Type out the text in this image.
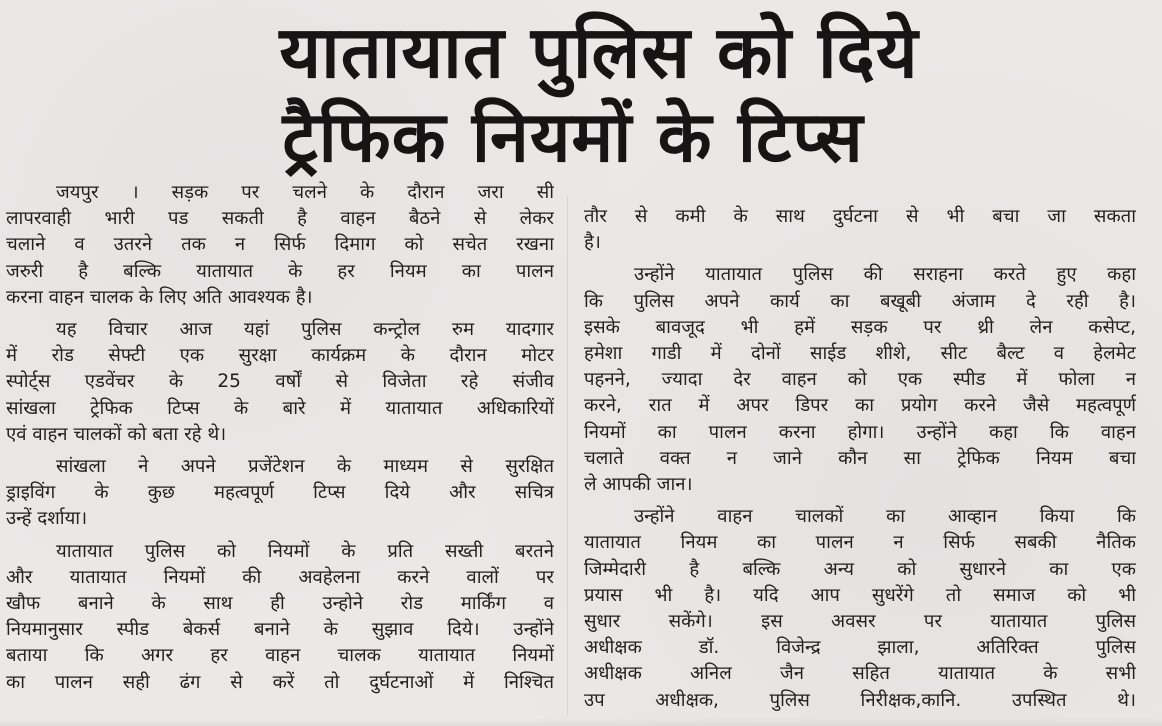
यातायात पुलिस को दिये
ट्रैफिक नियमों के टिप्स
जयपुर । सड़क पर चलने के दौरान जरा सी
लापरवाही भारी पड सकती है वाहन बैठने से लेकर
चलाने व उतरने तक न सिर्फ दिमाग को सचेत रखना
जरुरी है बल्कि यातायात के हर नियम का पालन
करना वाहन चालक के लिए अति आवश्यक है।
यह विचार आज यहां पुलिस कन्ट्रोल रुम यादगार
में रोड सेफ्टी एक सुरक्षा कार्यक्रम के दौरान मोटर
स्पोर्ट्स एडवेंचर के 25 वर्षों से विजेता रहे संजीव
सांखला ट्रेफिक टिप्स के बारे में यातायात अधिकारियों
एवं वाहन चालकों को बता रहे थे।
सांखला ने अपने प्रजेंटेशन के माध्यम से सुरक्षित
ड्राइविंग के कुछ महत्वपूर्ण टिप्स दिये और सचित्र
उन्हें दर्शाया।
यातायात पुलिस को नियमों के प्रति सख्ती बरतने
और यातायात नियमों की अवहेलना करने वालों पर
खौफ बनाने के साथ ही उन्होने रोड मार्किंग व
नियमानुसार स्पीड बेकर्स बनाने के सुझाव दिये। उन्होंने
बताया कि अगर हर वाहन चालक यातायात नियमों
का पालन सही ढंग से करें तो दुर्घटनाओं में निश्चित
तौर से कमी के साथ दुर्घटना से भी बचा जा सकता
है।
उन्होंने यातायात पुलिस की सराहना करते हुए कहा
कि पुलिस अपने कार्य का बखूबी अंजाम दे रही है।
इसके बावजूद भी हमें सड़क पर थ्री लेन कसेप्ट,
हमेशा गाडी में दोनों साईड शीशे, सीट बैल्ट व हेलमेट
पहनने, ज्यादा देर वाहन को एक स्पीड में फोला न
करने, रात में अपर डिपर का प्रयोग करने जैसे महत्वपूर्ण
नियमों का पालन करना होगा। उन्होंने कहा कि वाहन
चलाते वक्त न जाने कौन सा ट्रेफिक नियम बचा
ले आपकी जान।
उन्होंने वाहन चालकों का आव्हान किया कि
यातायात नियम का पालन न सिर्फ सबकी नैतिक
जिम्मेदारी है बल्कि अन्य को सुधारने का एक
प्रयास भी है। यदि आप सुधरेंगे तो समाज को भी
सुधार सकेंगे। इस अवसर पर यातायात पुलिस
अधीक्षक डॉ. विजेन्द्र झाला, अतिरिक्त पुलिस
अधीक्षक अनिल जैन सहित यातायात के सभी
उप अधीक्षक, पुलिस निरीक्षक,कानि. उपस्थित थे।
